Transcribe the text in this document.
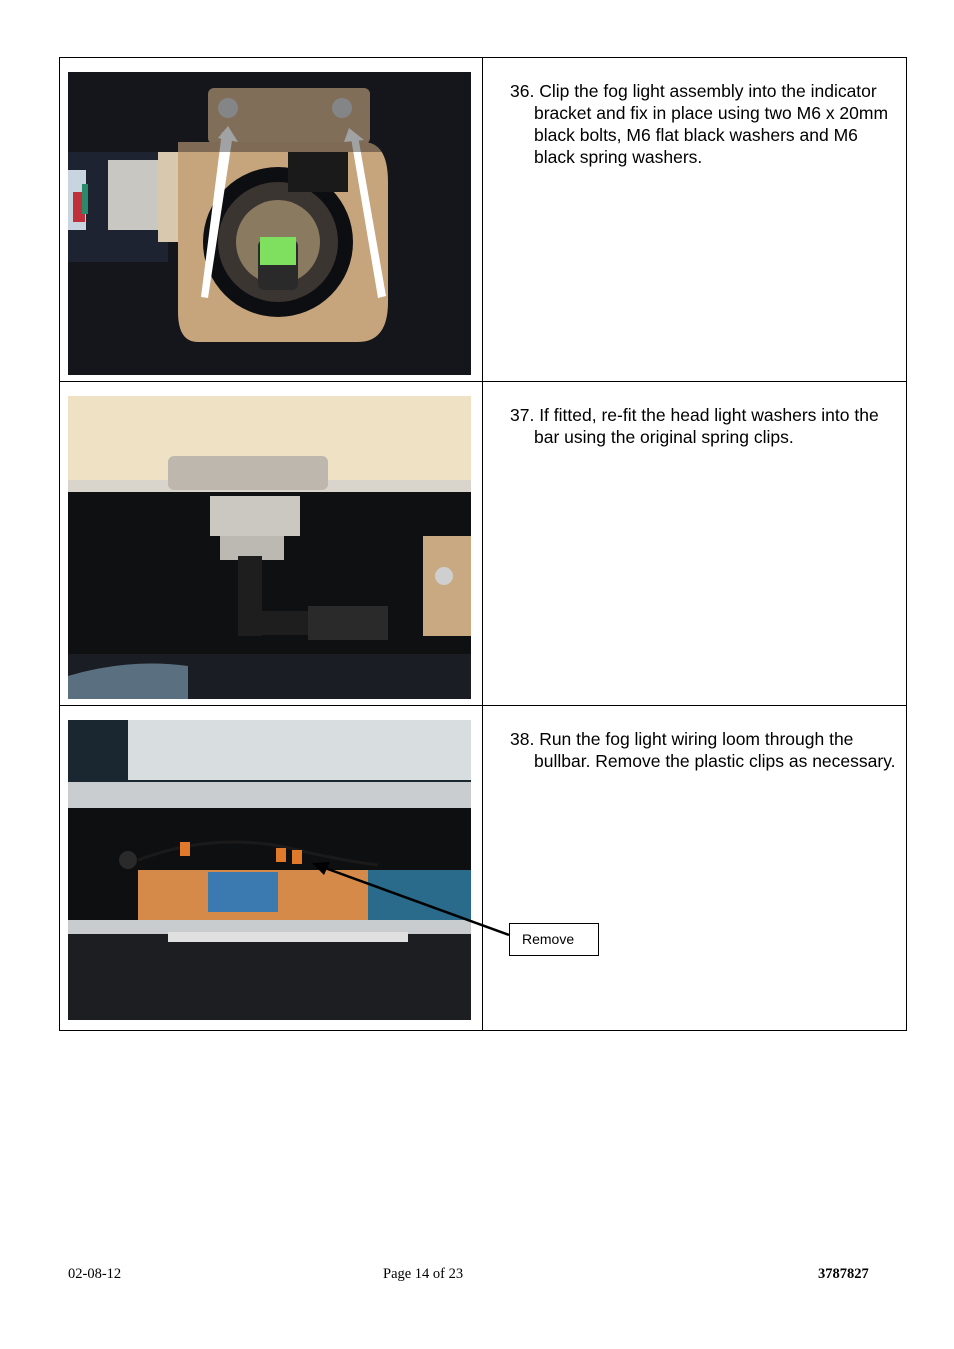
36. Clip the fog light assembly into the indicator bracket and fix in place using two M6 x 20mm black bolts, M6 flat black washers and M6 black spring washers.

37. If fitted, re-fit the head light washers into the bar using the original spring clips.

38. Run the fog light wiring loom through the bullbar. Remove the plastic clips as necessary.

Remove
02-08-12	Page 14 of 23	3787827
